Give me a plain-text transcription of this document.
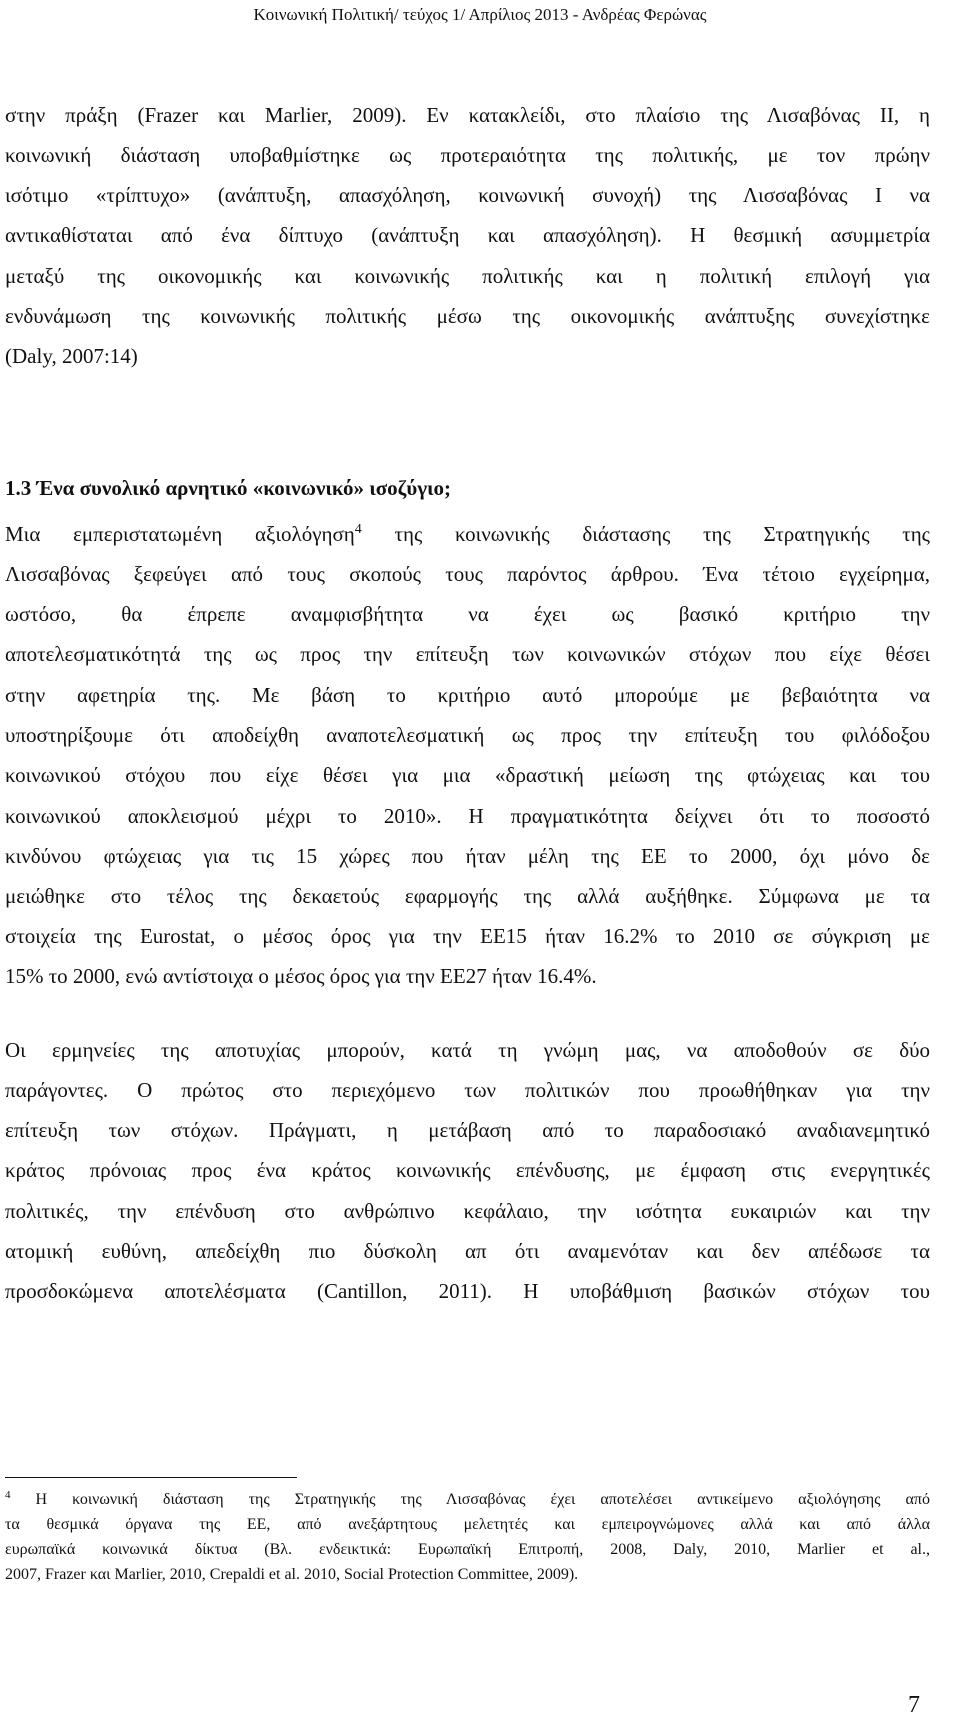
Κοινωνική Πολιτική/ τεύχος 1/ Απρίλιος 2013 - Ανδρέας Φερώνας
στην πράξη (Frazer και Marlier, 2009). Εν κατακλείδι, στο πλαίσιο της Λισαβόνας ΙΙ, η
κοινωνική διάσταση υποβαθμίστηκε ως προτεραιότητα της πολιτικής, με τον πρώην
ισότιμο «τρίπτυχο» (ανάπτυξη, απασχόληση, κοινωνική συνοχή) της Λισσαβόνας Ι να
αντικαθίσταται από ένα δίπτυχο (ανάπτυξη και απασχόληση). Η θεσμική ασυμμετρία
μεταξύ της οικονομικής και κοινωνικής πολιτικής και η πολιτική επιλογή για
ενδυνάμωση της κοινωνικής πολιτικής μέσω της οικονομικής ανάπτυξης συνεχίστηκε
(Daly, 2007:14)
1.3 Ένα συνολικό αρνητικό «κοινωνικό» ισοζύγιο;
Μια εμπεριστατωμένη αξιολόγηση$^4$ της κοινωνικής διάστασης της Στρατηγικής της
Λισσαβόνας ξεφεύγει από τους σκοπούς τους παρόντος άρθρου. Ένα τέτοιο εγχείρημα,
ωστόσο, θα έπρεπε αναμφισβήτητα να έχει ως βασικό κριτήριο την
αποτελεσματικότητά της ως προς την επίτευξη των κοινωνικών στόχων που είχε θέσει
στην αφετηρία της. Με βάση το κριτήριο αυτό μπορούμε με βεβαιότητα να
υποστηρίξουμε ότι αποδείχθη αναποτελεσματική ως προς την επίτευξη του φιλόδοξου
κοινωνικού στόχου που είχε θέσει για μια «δραστική μείωση της φτώχειας και του
κοινωνικού αποκλεισμού μέχρι το 2010». Η πραγματικότητα δείχνει ότι το ποσοστό
κινδύνου φτώχειας για τις 15 χώρες που ήταν μέλη της ΕΕ το 2000, όχι μόνο δε
μειώθηκε στο τέλος της δεκαετούς εφαρμογής της αλλά αυξήθηκε. Σύμφωνα με τα
στοιχεία της Eurostat, ο μέσος όρος για την ΕΕ15 ήταν 16.2% το 2010 σε σύγκριση με
15% το 2000, ενώ αντίστοιχα ο μέσος όρος για την ΕΕ27 ήταν 16.4%.
Οι ερμηνείες της αποτυχίας μπορούν, κατά τη γνώμη μας, να αποδοθούν σε δύο
παράγοντες. Ο πρώτος στο περιεχόμενο των πολιτικών που προωθήθηκαν για την
επίτευξη των στόχων. Πράγματι, η μετάβαση από το παραδοσιακό αναδιανεμητικό
κράτος πρόνοιας προς ένα κράτος κοινωνικής επένδυσης, με έμφαση στις ενεργητικές
πολιτικές, την επένδυση στο ανθρώπινο κεφάλαιο, την ισότητα ευκαιριών και την
ατομική ευθύνη, απεδείχθη πιο δύσκολη απ ότι αναμενόταν και δεν απέδωσε τα
προσδοκώμενα αποτελέσματα (Cantillon, 2011). Η υποβάθμιση βασικών στόχων του
$^4$ Η κοινωνική διάσταση της Στρατηγικής της Λισσαβόνας έχει αποτελέσει αντικείμενο αξιολόγησης από
τα θεσμικά όργανα της ΕΕ, από ανεξάρτητους μελετητές και εμπειρογνώμονες αλλά και από άλλα
ευρωπαϊκά κοινωνικά δίκτυα (Βλ. ενδεικτικά: Ευρωπαϊκή Επιτροπή, 2008, Daly, 2010, Marlier et al.,
2007, Frazer και Marlier, 2010, Crepaldi et al. 2010, Social Protection Committee, 2009).
7
